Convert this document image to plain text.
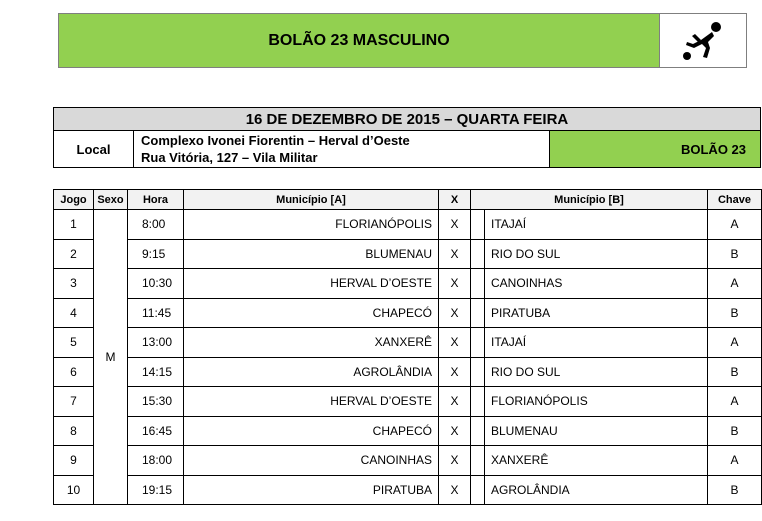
BOLÃO 23 MASCULINO
16 DE DEZEMBRO DE 2015 – QUARTA FEIRA
Local	
Complexo Ivonei Fiorentin – Herval d’Oeste
Rua Vitória, 127 – Vila Militar
	BOLÃO 23
Jogo	Sexo	Hora	Município [A]	X	Município [B]		Chave
1	M	8:00	FLORIANÓPOLIS	X		ITAJAÍ	A
2		9:15	BLUMENAU	X		RIO DO SUL	B
3		10:30	HERVAL D’OESTE	X		CANOINHAS	A
4		11:45	CHAPECÓ	X		PIRATUBA	B
5		13:00	XANXERÊ	X		ITAJAÍ	A
6		14:15	AGROLÂNDIA	X		RIO DO SUL	B
7		15:30	HERVAL D’OESTE	X		FLORIANÓPOLIS	A
8		16:45	CHAPECÓ	X		BLUMENAU	B
9		18:00	CANOINHAS	X		XANXERÊ	A
10		19:15	PIRATUBA	X		AGROLÂNDIA	B
